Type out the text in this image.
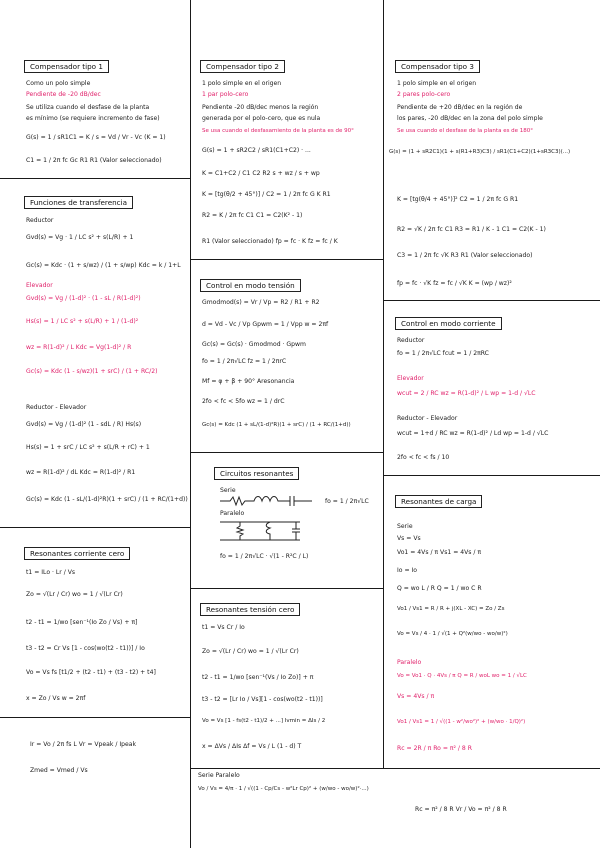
Compensador tipo 1
Como un polo simple
Pendiente de -20 dB/dec
Se utiliza cuando el desfase de la planta
es mínimo (se requiere incremento de fase)
G(s) = 1 / sR1C1 = K / s = Vd / Vr - Vc (K = 1)
C1 = 1 / 2π fc Gc R1 R1 (Valor seleccionado)
Funciones de transferencia
Reductor
Gvd(s) = Vg · 1 / LC s² + s(L/R) + 1
Gc(s) = Kdc · (1 + s/wz) / (1 + s/wp) Kdc = k / 1+L
Elevador
Gvd(s) = Vg / (1-d)² · (1 - sL / R(1-d)²)
Hs(s) = 1 / LC s² + s(L/R) + 1 / (1-d)²
wz = R(1-d)² / L Kdc = Vg(1-d)² / R
Gc(s) = Kdc (1 - s/wz)(1 + srC) / (1 + RC/2)
Reductor - Elevador
Gvd(s) = Vg / (1-d)² (1 - sdL / R) Hs(s)
Hs(s) = 1 + srC / LC s² + s(L/R + rC) + 1
wz = R(1-d)² / dL Kdc = R(1-d)² / R1
Gc(s) = Kdc (1 - sL/(1-d)²R)(1 + srC) / (1 + RC/(1+d))
Resonantes corriente cero
t1 = ILo · Lr / Vs
Zo = √(Lr / Cr) wo = 1 / √(Lr Cr)
t2 - t1 = 1/wo [sen⁻¹(Io Zo / Vs) + π]
t3 - t2 = Cr Vs [1 - cos(wo(t2 - t1))] / Io
Vo = Vs fs [t1/2 + (t2 - t1) + (t3 - t2) + t4]
x = Zo / Vs w = 2πf
Ir = Vo / 2π fs L Vr = Vpeak / Ipeak
Zmed = Vmed / Vs
Compensador tipo 2
1 polo simple en el origen
1 par polo-cero
Pendiente -20 dB/dec menos la región
generada por el polo-cero, que es nula
Se usa cuando el desfasamiento de la planta es de 90°
G(s) = 1 + sR2C2 / sR1(C1+C2) · ...
K = C1+C2 / C1 C2 R2 s + wz / s + wp
K = [tg(θ/2 + 45°)] / C2 = 1 / 2π fc G K R1
R2 = K / 2π fc C1 C1 = C2(K² - 1)
R1 (Valor seleccionado) fp = fc · K fz = fc / K
Control en modo tensión
Gmodmod(s) = Vr / Vp = R2 / R1 + R2
d = Vd - Vc / Vp Gpwm = 1 / Vpp w = 2πf
Gc(s) = Gc(s) · Gmodmod · Gpwm
fo = 1 / 2π√LC fz = 1 / 2πrC
Mf = φ + β + 90° Aresonancia
2fo < fc < 5fo wz = 1 / drC
Gc(s) = Kdc (1 + sL/(1-d)²R)(1 + srC) / (1 + RC/(1+d))
Circuitos resonantes
Serie
fo = 1 / 2π√LC
Paralelo
fo = 1 / 2π√LC · √(1 - R²C / L)
Resonantes tensión cero
t1 = Vs Cr / Io
Zo = √(Lr / Cr) wo = 1 / √(Lr Cr)
t2 - t1 = 1/wo [sen⁻¹(Vs / Io Zo)] + π
t3 - t2 = [Lr Io / Vs][1 - cos(wo(t2 - t1))]
Vo = Vs [1 - fs(t2 - t1)/2 + ...] Ivmin = ΔIs / 2
x = ΔVs / ΔIs Δf = Vs / L (1 - d) T
Compensador tipo 3
1 polo simple en el origen
2 pares polo-cero
Pendiente de +20 dB/dec en la región de
los pares, -20 dB/dec en la zona del polo simple
Se usa cuando el desfase de la planta es de 180°
G(s) = (1 + sR2C1)(1 + s(R1+R3)C3) / sR1(C1+C2)(1+sR3C3)(...)
K = [tg(θ/4 + 45°)]² C2 = 1 / 2π fc G R1
R2 = √K / 2π fc C1 R3 = R1 / K - 1 C1 = C2(K - 1)
C3 = 1 / 2π fc √K R3 R1 (Valor seleccionado)
fp = fc · √K fz = fc / √K K = (wp / wz)²
Control en modo corriente
Reductor
fo = 1 / 2π√LC fcut = 1 / 2πRC
Elevador
wcut = 2 / RC wz = R(1-d)² / L wp = 1-d / √LC
Reductor - Elevador
wcut = 1+d / RC wz = R(1-d)² / Ld wp = 1-d / √LC
2fo < fc < fs / 10
Resonantes de carga
Serie
Vs = Vs
Vo1 = 4Vs / π Vs1 = 4Vs / π
Io = Io
Q = wo L / R Q = 1 / wo C R
Vo1 / Vs1 = R / R + j(XL - XC) = Zo / Zs
Vo = Vs / 4 · 1 / √(1 + Q²(w/wo - wo/w)²)
Paralelo
Vo = Vo1 · Q · 4Vs / π Q = R / woL wo = 1 / √LC
Vs = 4Vs / π
Vo1 / Vs1 = 1 / √((1 - w²/wo²)² + (w/wo · 1/Q)²)
Rc = 2R / π Ro = π² / 8 R
Serie Paralelo
Vo / Vs = 4/π · 1 / √((1 - Cp/Cs - w²Lr Cp)² + (w/wo - wo/w)²·...)
Rc = π² / 8 R Vr / Vo = π² / 8 R
